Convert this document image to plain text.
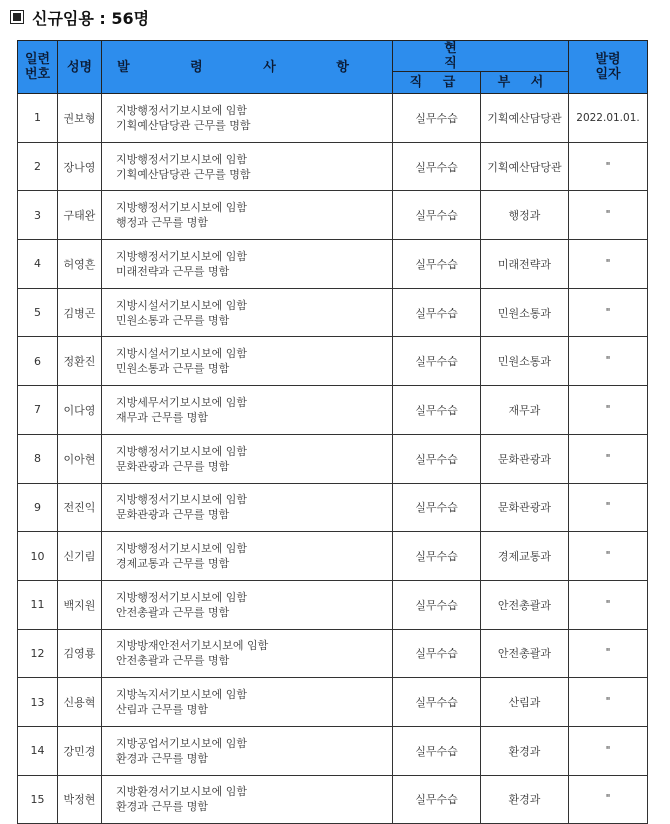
신규임용 : 56명
일련 번호	성명	발 령 사 항	현 직		발령 일자

			직 급	부 서	
1	권보형	지방행정서기보시보에 임함
기획예산담당관 근무를 명함	실무수습	기획예산담당관	2022.01.01.
2	장나영	지방행정서기보시보에 임함
기획예산담당관 근무를 명함	실무수습	기획예산담당관	"
3	구태완	지방행정서기보시보에 임함
행정과 근무를 명함	실무수습	행정과	"
4	허영흔	지방행정서기보시보에 임함
미래전략과 근무를 명함	실무수습	미래전략과	"
5	김병곤	지방시설서기보시보에 임함
민원소통과 근무를 명함	실무수습	민원소통과	"
6	정환진	지방시설서기보시보에 임함
민원소통과 근무를 명함	실무수습	민원소통과	"
7	이다영	지방세무서기보시보에 임함
재무과 근무를 명함	실무수습	재무과	"
8	이아현	지방행정서기보시보에 임함
문화관광과 근무를 명함	실무수습	문화관광과	"
9	전진익	지방행정서기보시보에 임함
문화관광과 근무를 명함	실무수습	문화관광과	"
10	신기림	지방행정서기보시보에 임함
경제교통과 근무를 명함	실무수습	경제교통과	"
11	백지원	지방행정서기보시보에 임함
안전총괄과 근무를 명함	실무수습	안전총괄과	"
12	김영룡	지방방재안전서기보시보에 임함
안전총괄과 근무를 명함	실무수습	안전총괄과	"
13	신용혁	지방녹지서기보시보에 임함
산림과 근무를 명함	실무수습	산림과	"
14	강민경	지방공업서기보시보에 임함
환경과 근무를 명함	실무수습	환경과	"
15	박정현	지방환경서기보시보에 임함
환경과 근무를 명함	실무수습	환경과	"
